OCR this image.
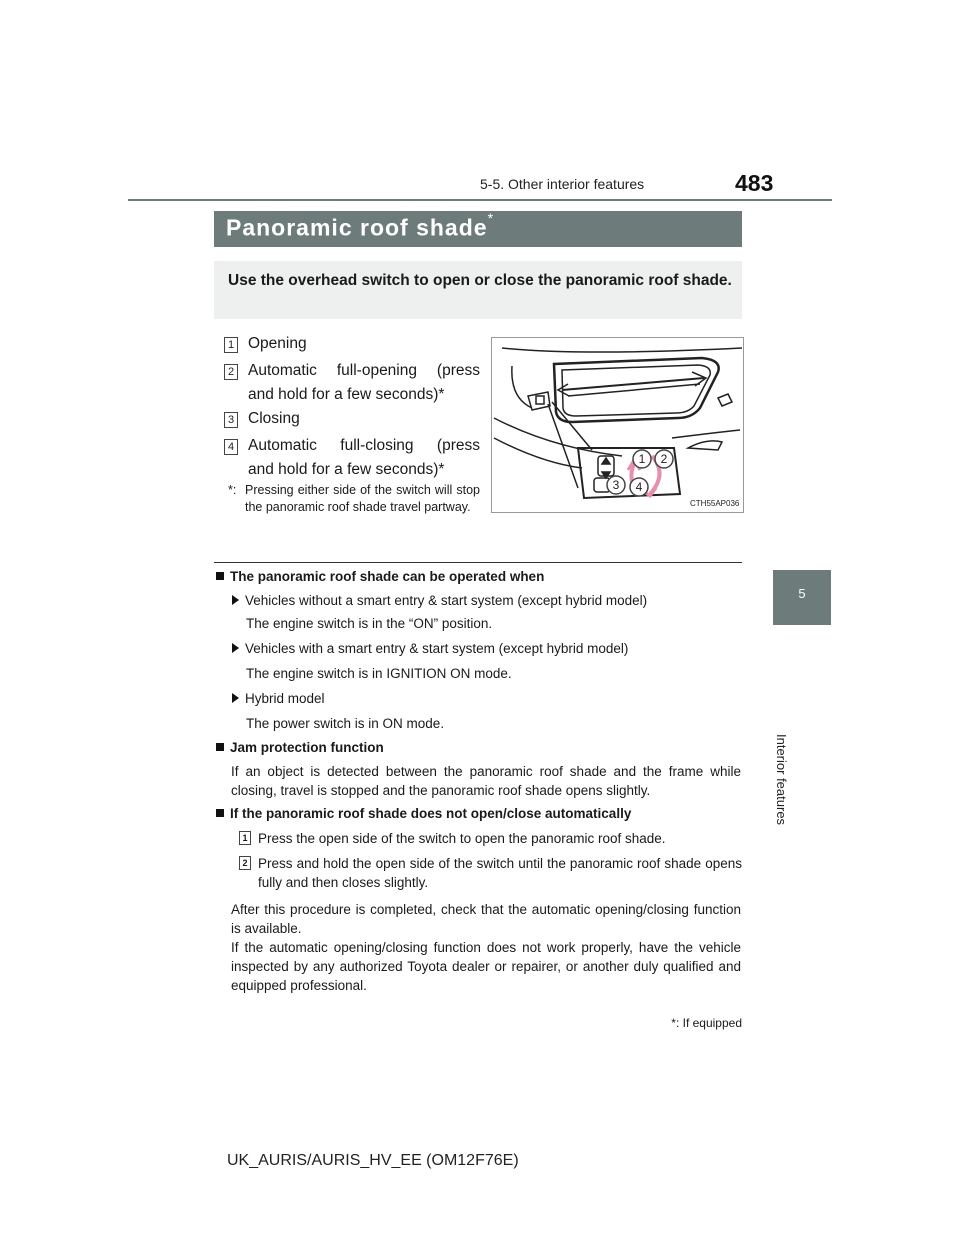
5-5. Other interior features	483
5
Interior features
Panoramic roof shade*
Use the overhead switch to open or close the panoramic roof shade.
1 Opening
2 Automatic full-opening (press
and hold for a few seconds)*
3 Closing
4 Automatic full-closing (press
and hold for a few seconds)*
*: Pressing either side of the switch will stop the panoramic roof shade travel partway.
1 2
3 4
CTH55AP036
The panoramic roof shade can be operated when
Vehicles without a smart entry & start system (except hybrid model)
The engine switch is in the “ON” position.
Vehicles with a smart entry & start system (except hybrid model)
The engine switch is in IGNITION ON mode.
Hybrid model
The power switch is in ON mode.
Jam protection function
If an object is detected between the panoramic roof shade and the frame while closing, travel is stopped and the panoramic roof shade opens slightly.
If the panoramic roof shade does not open/close automatically
1 Press the open side of the switch to open the panoramic roof shade.
2 Press and hold the open side of the switch until the panoramic roof shade opens fully and then closes slightly.
After this procedure is completed, check that the automatic opening/closing function is available.
If the automatic opening/closing function does not work properly, have the vehicle inspected by any authorized Toyota dealer or repairer, or another duly qualified and equipped professional.
*: If equipped
UK_AURIS/AURIS_HV_EE (OM12F76E)
